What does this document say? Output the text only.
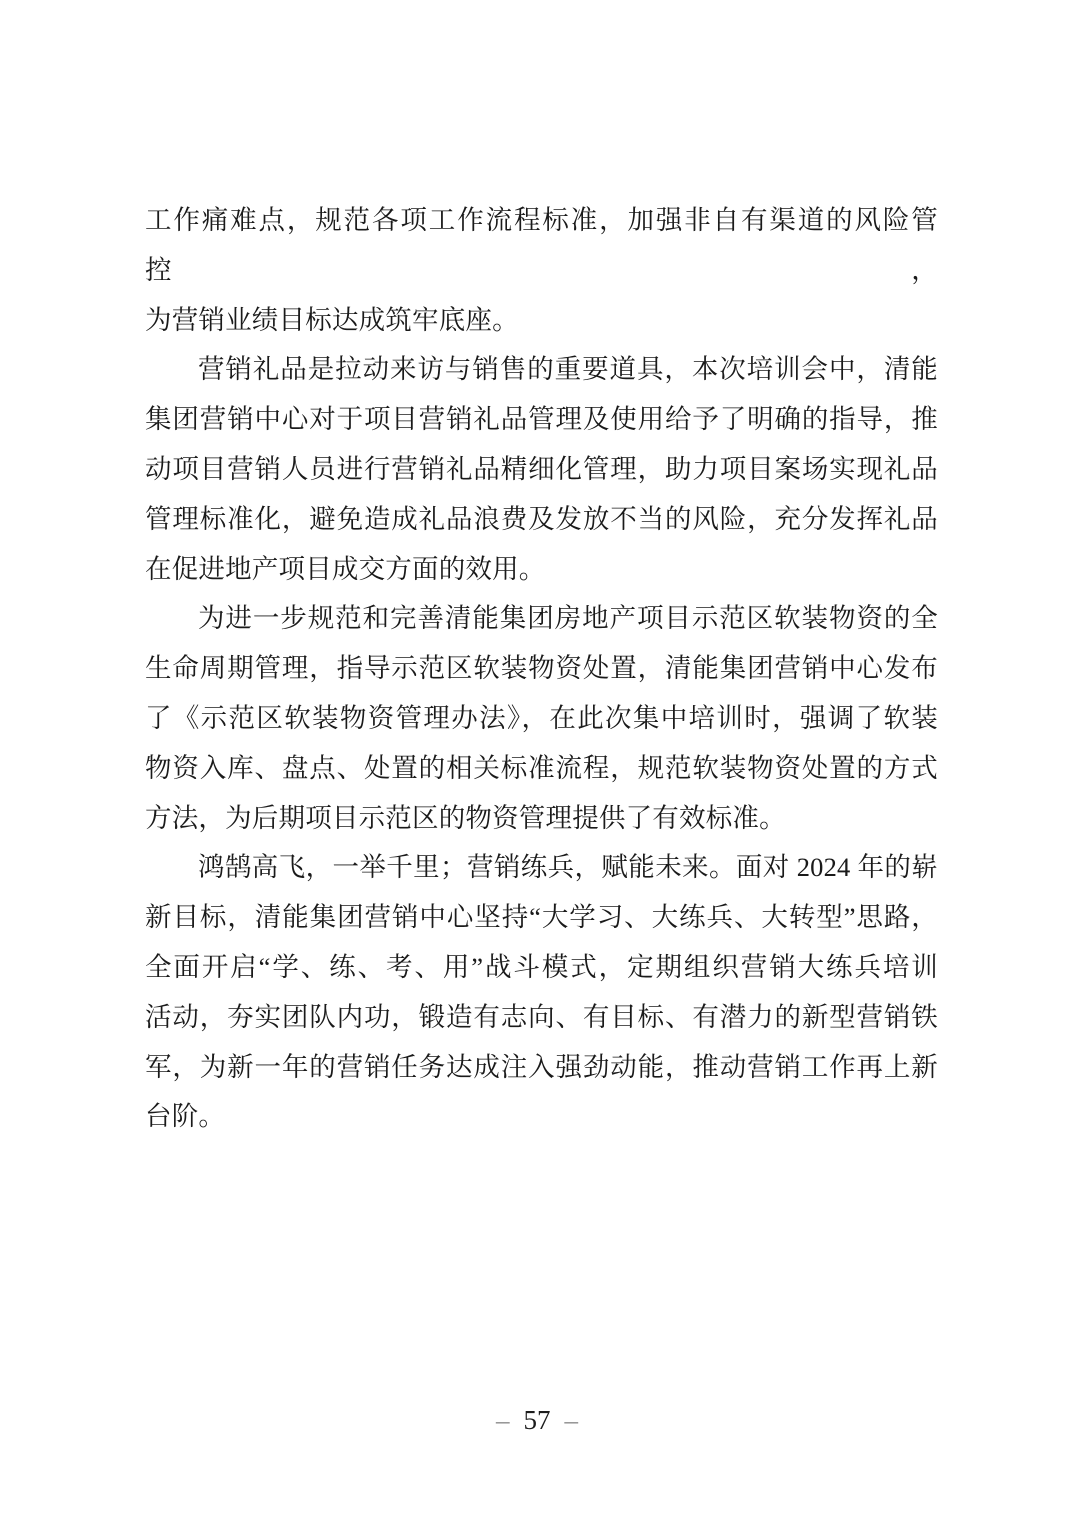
工作痛难点，规范各项工作流程标准，加强非自有渠道的风险管控，
为营销业绩目标达成筑牢底座。
营销礼品是拉动来访与销售的重要道具，本次培训会中，清能
集团营销中心对于项目营销礼品管理及使用给予了明确的指导，推
动项目营销人员进行营销礼品精细化管理，助力项目案场实现礼品
管理标准化，避免造成礼品浪费及发放不当的风险，充分发挥礼品
在促进地产项目成交方面的效用。
为进一步规范和完善清能集团房地产项目示范区软装物资的全
生命周期管理，指导示范区软装物资处置，清能集团营销中心发布
了《示范区软装物资管理办法》，在此次集中培训时，强调了软装
物资入库、盘点、处置的相关标准流程，规范软装物资处置的方式
方法，为后期项目示范区的物资管理提供了有效标准。
鸿鹄高飞，一举千里；营销练兵，赋能未来。面对 2024 年的崭
新目标，清能集团营销中心坚持“大学习、大练兵、大转型”思路，
全面开启“学、练、考、用”战斗模式，定期组织营销大练兵培训
活动，夯实团队内功，锻造有志向、有目标、有潜力的新型营销铁
军，为新一年的营销任务达成注入强劲动能，推动营销工作再上新
台阶。
– 57 –
